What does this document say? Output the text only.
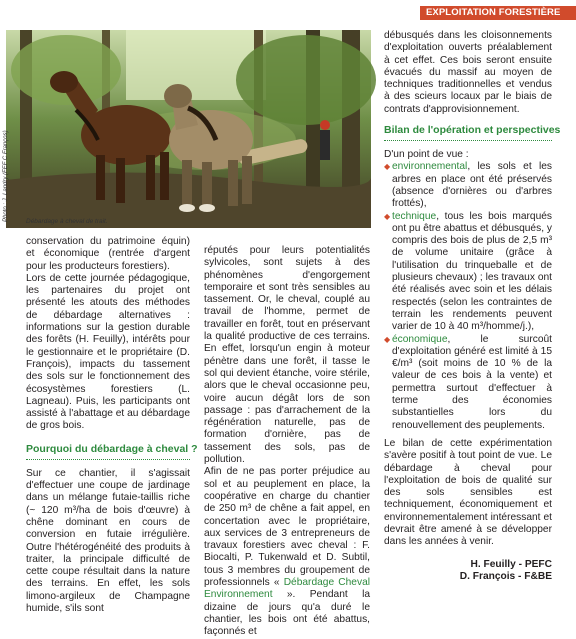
EXPLOITATION FORESTIÈRE
Photo : J. Landry (FEF C Franços)	Débardage à cheval de trait.

conservation du patrimoine équin) et économique (rentrée d'argent pour les producteurs forestiers).

Lors de cette journée pédagogique, les partenaires du projet ont présenté les atouts des méthodes de débardage alternatives : informations sur la gestion durable des forêts (H. Feuilly), intérêts pour le gestionnaire et le propriétaire (D. François), impacts du tassement des sols sur le fonctionnement des écosystèmes forestiers (L. Lagneau). Puis, les participants ont assisté à l'abattage et au débardage de gros bois.

Pourquoi du débardage à cheval ?

Sur ce chantier, il s'agissait d'effectuer une coupe de jardinage dans un mélange futaie-taillis riche (~ 120 m³/ha de bois d'œuvre) à chêne dominant en cours de conversion en futaie irrégulière. Outre l'hétérogénéité des produits à traiter, la principale difficulté de cette coupe résultait dans la nature des terrains. En effet, les sols limono-argileux de Champagne humide, s'ils sont

réputés pour leurs potentialités sylvicoles, sont sujets à des phénomènes d'engorgement temporaire et sont très sensibles au tassement. Or, le cheval, couplé au travail de l'homme, permet de travailler en forêt, tout en préservant la qualité productive de ces terrains. En effet, lorsqu'un engin à moteur pénètre dans une forêt, il tasse le sol qui devient étanche, voire stérile, alors que le cheval occasionne peu, voire aucun dégât lors de son passage : pas d'arrachement de la régénération naturelle, pas de formation d'ornière, pas de tassement des sols, pas de pollution.

Afin de ne pas porter préjudice au sol et au peuplement en place, la coopérative en charge du chantier de 250 m³ de chêne a fait appel, en concertation avec le propriétaire, aux services de 3 entrepreneurs de travaux forestiers avec cheval : F. Biocalti, P. Tukenwald et D. Subtil, tous 3 membres du groupement de professionnels « Débardage Cheval Environnement ». Pendant la dizaine de jours qu'a duré le chantier, les bois ont été abattus, façonnés et

débusqués dans les cloisonnements d'exploitation ouverts préalablement à cet effet. Ces bois seront ensuite évacués du massif au moyen de techniques traditionnelles et vendus à des scieurs locaux par le biais de contrats d'approvisionnement.

Bilan de l'opération et perspectives

D'un point de vue :

◆ environnemental, les sols et les arbres en place ont été préservés (absence d'ornières ou d'arbres frottés),
◆ technique, tous les bois marqués ont pu être abattus et débusqués, y compris des bois de plus de 2,5 m³ de volume unitaire (grâce à l'utilisation du trinqueballe et de plusieurs chevaux) ; les travaux ont été réalisés avec soin et les délais respectés (selon les contraintes de terrain les rendements peuvent varier de 10 à 40 m³/homme/j.),
◆ économique, le surcoût d'exploitation généré est limité à 15 €/m³ (soit moins de 10 % de la valeur de ces bois à la vente) et permettra surtout d'effectuer à terme des économies substantielles lors du renouvellement des peuplements.

Le bilan de cette expérimentation s'avère positif à tout point de vue. Le débardage à cheval pour l'exploitation de bois de qualité sur des sols sensibles est techniquement, économiquement et environnementalement intéressant et devrait être amené à se développer dans les années à venir.

H. Feuilly - PEFC
D. François - F&BE
